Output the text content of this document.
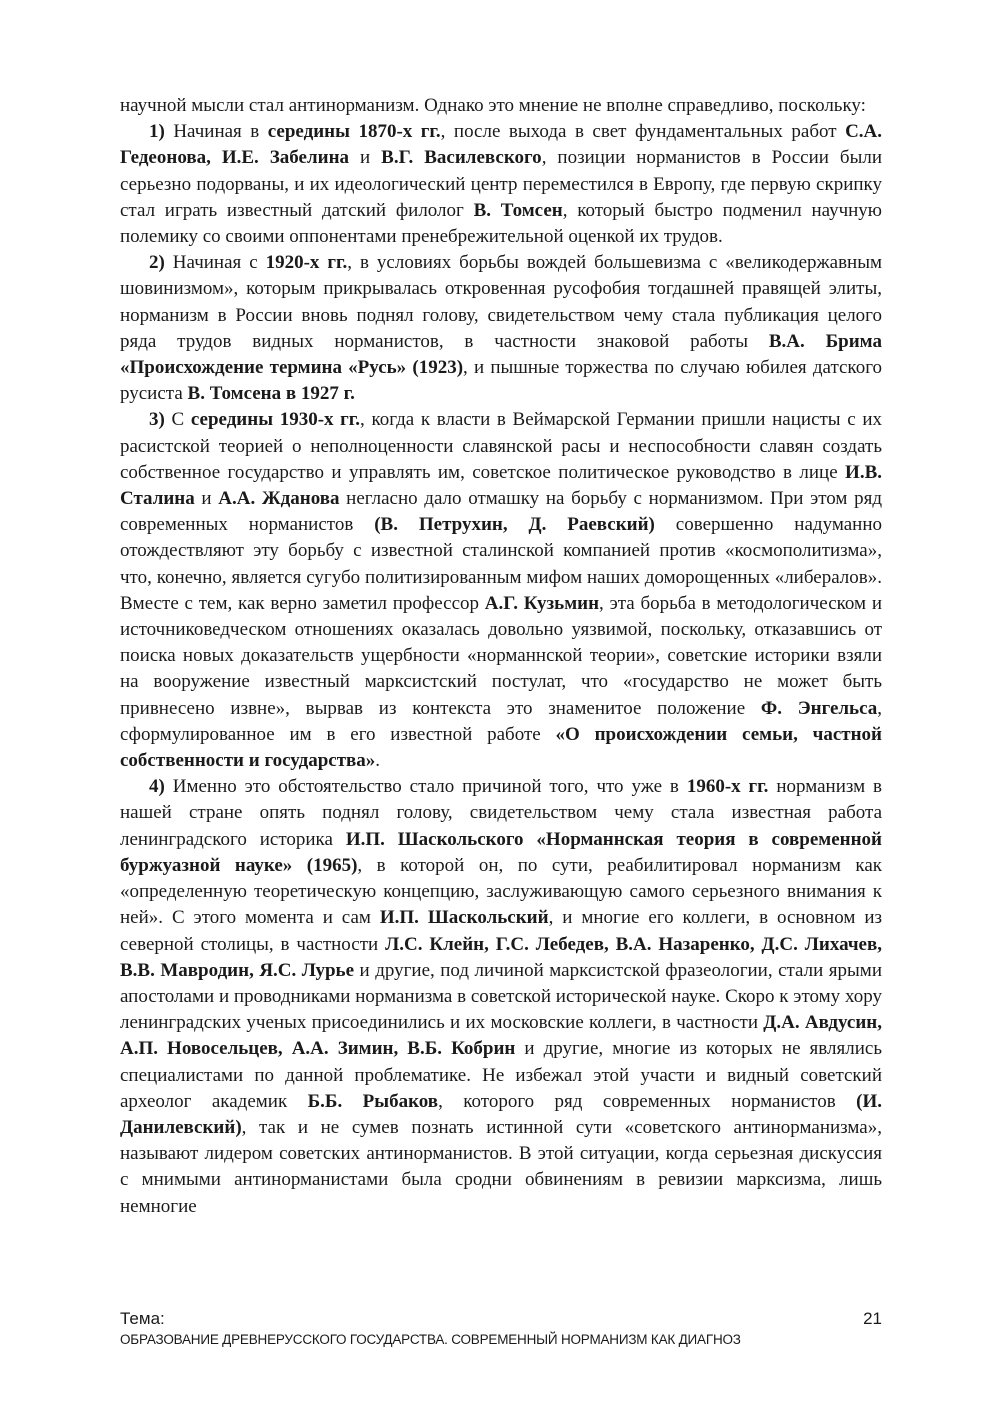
научной мысли стал антинорманизм. Однако это мнение не вполне справедливо, поскольку:

1) Начиная в середины 1870-х гг., после выхода в свет фундаментальных работ С.А. Гедеонова, И.Е. Забелина и В.Г. Василевского, позиции норманистов в России были серьезно подорваны, и их идеологический центр переместился в Европу, где первую скрипку стал играть известный датский филолог В. Томсен, который быстро подменил научную полемику со своими оппонентами пренебрежительной оценкой их трудов.

2) Начиная с 1920-х гг., в условиях борьбы вождей большевизма с «великодержавным шовинизмом», которым прикрывалась откровенная русофобия тогдашней правящей элиты, норманизм в России вновь поднял голову, свидетельством чему стала публикация целого ряда трудов видных норманистов, в частности знаковой работы В.А. Брима «Происхождение термина «Русь» (1923), и пышные торжества по случаю юбилея датского русиста В. Томсена в 1927 г.

3) С середины 1930-х гг., когда к власти в Веймарской Германии пришли нацисты с их расистской теорией о неполноценности славянской расы и неспособности славян создать собственное государство и управлять им, советское политическое руководство в лице И.В. Сталина и А.А. Жданова негласно дало отмашку на борьбу с норманизмом. При этом ряд современных норманистов (В. Петрухин, Д. Раевский) совершенно надуманно отождествляют эту борьбу с известной сталинской компанией против «космополитизма», что, конечно, является сугубо политизированным мифом наших доморощенных «либералов». Вместе с тем, как верно заметил профессор А.Г. Кузьмин, эта борьба в методологическом и источниковедческом отношениях оказалась довольно уязвимой, поскольку, отказавшись от поиска новых доказательств ущербности «норманнской теории», советские историки взяли на вооружение известный марксистский постулат, что «государство не может быть привнесено извне», вырвав из контекста это знаменитое положение Ф. Энгельса, сформулированное им в его известной работе «О происхождении семьи, частной собственности и государства».

4) Именно это обстоятельство стало причиной того, что уже в 1960-х гг. норманизм в нашей стране опять поднял голову, свидетельством чему стала известная работа ленинградского историка И.П. Шаскольского «Норманнская теория в современной буржуазной науке» (1965), в которой он, по сути, реабилитировал норманизм как «определенную теоретическую концепцию, заслуживающую самого серьезного внимания к ней». С этого момента и сам И.П. Шаскольский, и многие его коллеги, в основном из северной столицы, в частности Л.С. Клейн, Г.С. Лебедев, В.А. Назаренко, Д.С. Лихачев, В.В. Мавродин, Я.С. Лурье и другие, под личиной марксистской фразеологии, стали ярыми апостолами и проводниками норманизма в советской исторической науке. Скоро к этому хору ленинградских ученых присоединились и их московские коллеги, в частности Д.А. Авдусин, А.П. Новосельцев, А.А. Зимин, В.Б. Кобрин и другие, многие из которых не являлись специалистами по данной проблематике. Не избежал этой участи и видный советский археолог академик Б.Б. Рыбаков, которого ряд современных норманистов (И. Данилевский), так и не сумев познать истинной сути «советского антинорманизма», называют лидером советских антинорманистов. В этой ситуации, когда серьезная дискуссия с мнимыми антинорманистами была сродни обвинениям в ревизии марксизма, лишь немногие

Тема:
ОБРАЗОВАНИЕ ДРЕВНЕРУССКОГО ГОСУДАРСТВА. СОВРЕМЕННЫЙ НОРМАНИЗМ КАК ДИАГНОЗ
21
